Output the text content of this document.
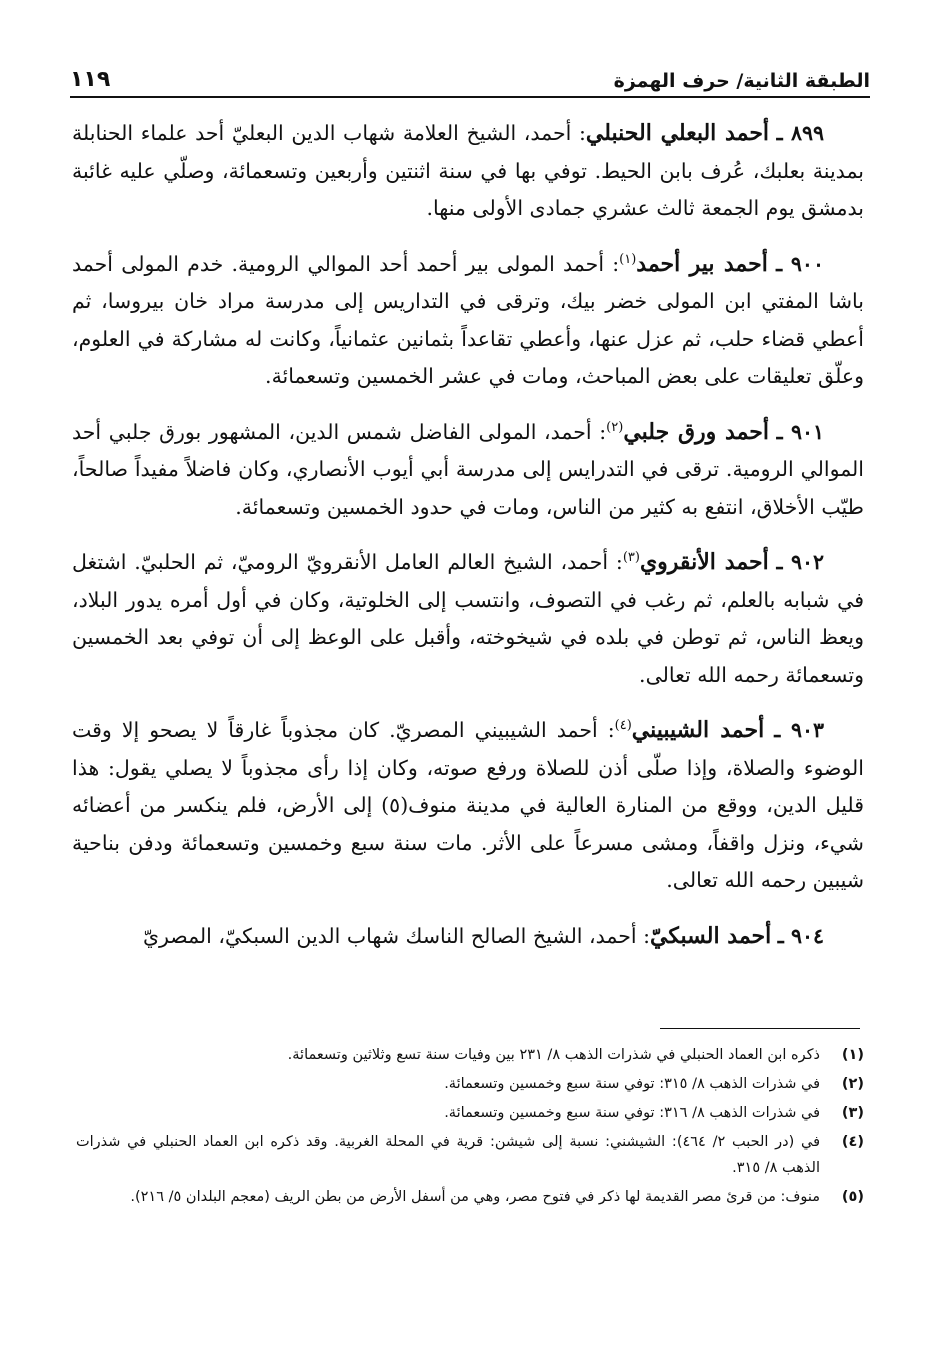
الطبقة الثانية/ حرف الهمزة
١١٩

٨٩٩ ـ أحمد البعلي الحنبلي: أحمد، الشيخ العلامة شهاب الدين البعليّ أحد علماء الحنابلة بمدينة بعلبك، عُرف بابن الحيط. توفي بها في سنة اثنتين وأربعين وتسعمائة، وصلّي عليه غائبة بدمشق يوم الجمعة ثالث عشري جمادى الأولى منها.

٩٠٠ ـ أحمد بير أحمد$^{(١)}$: أحمد المولى بير أحمد أحد الموالي الرومية. خدم المولى أحمد باشا المفتي ابن المولى خضر بيك، وترقى في التداريس إلى مدرسة مراد خان بيروسا، ثم أعطي قضاء حلب، ثم عزل عنها، وأعطي تقاعداً بثمانين عثمانياً، وكانت له مشاركة في العلوم، وعلّق تعليقات على بعض المباحث، ومات في عشر الخمسين وتسعمائة.

٩٠١ ـ أحمد ورق جلبي$^{(٢)}$: أحمد، المولى الفاضل شمس الدين، المشهور بورق جلبي أحد الموالي الرومية. ترقى في التدرايس إلى مدرسة أبي أيوب الأنصاري، وكان فاضلاً مفيداً صالحاً، طيّب الأخلاق، انتفع به كثير من الناس، ومات في حدود الخمسين وتسعمائة.

٩٠٢ ـ أحمد الأنقروي$^{(٣)}$: أحمد، الشيخ العالم العامل الأنقرويّ الروميّ، ثم الحلبيّ. اشتغل في شبابه بالعلم، ثم رغب في التصوف، وانتسب إلى الخلوتية، وكان في أول أمره يدور البلاد، ويعظ الناس، ثم توطن في بلده في شيخوخته، وأقبل على الوعظ إلى أن توفي بعد الخمسين وتسعمائة رحمه الله تعالى.

٩٠٣ ـ أحمد الشيبيني$^{(٤)}$: أحمد الشيبيني المصريّ. كان مجذوباً غارقاً لا يصحو إلا وقت الوضوء والصلاة، وإذا صلّى أذن للصلاة ورفع صوته، وكان إذا رأى مجذوباً لا يصلي يقول: هذا قليل الدين، ووقع من المنارة العالية في مدينة منوف(٥) إلى الأرض، فلم ينكسر من أعضائه شيء، ونزل واقفاً، ومشى مسرعاً على الأثر. مات سنة سبع وخمسين وتسعمائة ودفن بناحية شيبين رحمه الله تعالى.

٩٠٤ ـ أحمد السبكيّ: أحمد، الشيخ الصالح الناسك شهاب الدين السبكيّ، المصريّ

(١)
ذكره ابن العماد الحنبلي في شذرات الذهب ٨/ ٢٣١ بين وفيات سنة تسع وثلاثين وتسعمائة.
(٢)
في شذرات الذهب ٨/ ٣١٥: توفي سنة سبع وخمسين وتسعمائة.
(٣)
في شذرات الذهب ٨/ ٣١٦: توفي سنة سبع وخمسين وتسعمائة.
(٤)
في (در الحبب ٢/ ٤٦٤): الشيشني: نسبة إلى شيشن: قرية في المحلة الغربية. وقد ذكره ابن العماد الحنبلي في شذرات الذهب ٨/ ٣١٥.
(٥)
منوف: من قرئ مصر القديمة لها ذكر في فتوح مصر، وهي من أسفل الأرض من بطن الريف (معجم البلدان ٥/ ٢١٦).
